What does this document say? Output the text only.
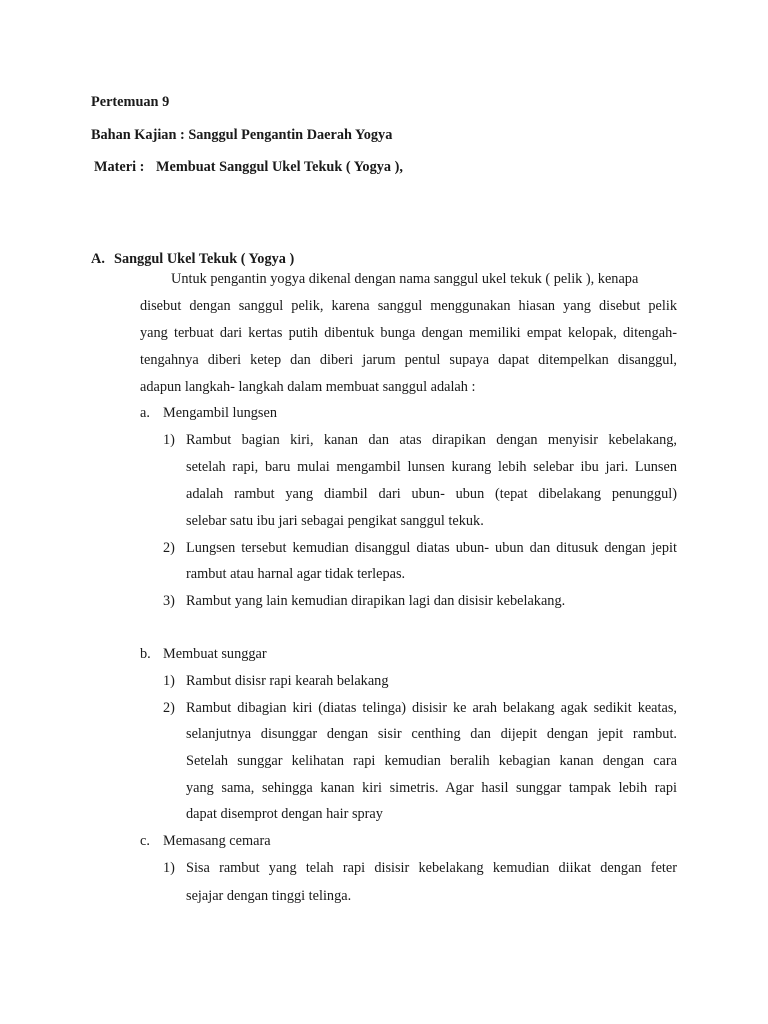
Pertemuan 9
Bahan Kajian : Sanggul Pengantin Daerah Yogya
Materi : Membuat Sanggul Ukel Tekuk ( Yogya ),
A. Sanggul Ukel Tekuk ( Yogya )
Untuk pengantin yogya dikenal dengan nama sanggul ukel tekuk ( pelik ), kenapa
disebut dengan sanggul pelik, karena sanggul menggunakan hiasan yang disebut pelik
yang terbuat dari kertas putih dibentuk bunga dengan memiliki empat kelopak, ditengah-
tengahnya diberi ketep dan diberi jarum pentul supaya dapat ditempelkan disanggul,
adapun langkah- langkah dalam membuat sanggul adalah :
a. Mengambil lungsen
1) Rambut bagian kiri, kanan dan atas dirapikan dengan menyisir kebelakang,
setelah rapi, baru mulai mengambil lunsen kurang lebih selebar ibu jari. Lunsen
adalah rambut yang diambil dari ubun- ubun (tepat dibelakang penunggul)
selebar satu ibu jari sebagai pengikat sanggul tekuk.
2) Lungsen tersebut kemudian disanggul diatas ubun- ubun dan ditusuk dengan jepit
rambut atau harnal agar tidak terlepas.
3) Rambut yang lain kemudian dirapikan lagi dan disisir kebelakang.
b. Membuat sunggar
1) Rambut disisr rapi kearah belakang
2) Rambut dibagian kiri (diatas telinga) disisir ke arah belakang agak sedikit keatas,
selanjutnya disunggar dengan sisir centhing dan dijepit dengan jepit rambut.
Setelah sunggar kelihatan rapi kemudian beralih kebagian kanan dengan cara
yang sama, sehingga kanan kiri simetris. Agar hasil sunggar tampak lebih rapi
dapat disemprot dengan hair spray
c. Memasang cemara
1) Sisa rambut yang telah rapi disisir kebelakang kemudian diikat dengan feter
sejajar dengan tinggi telinga.
